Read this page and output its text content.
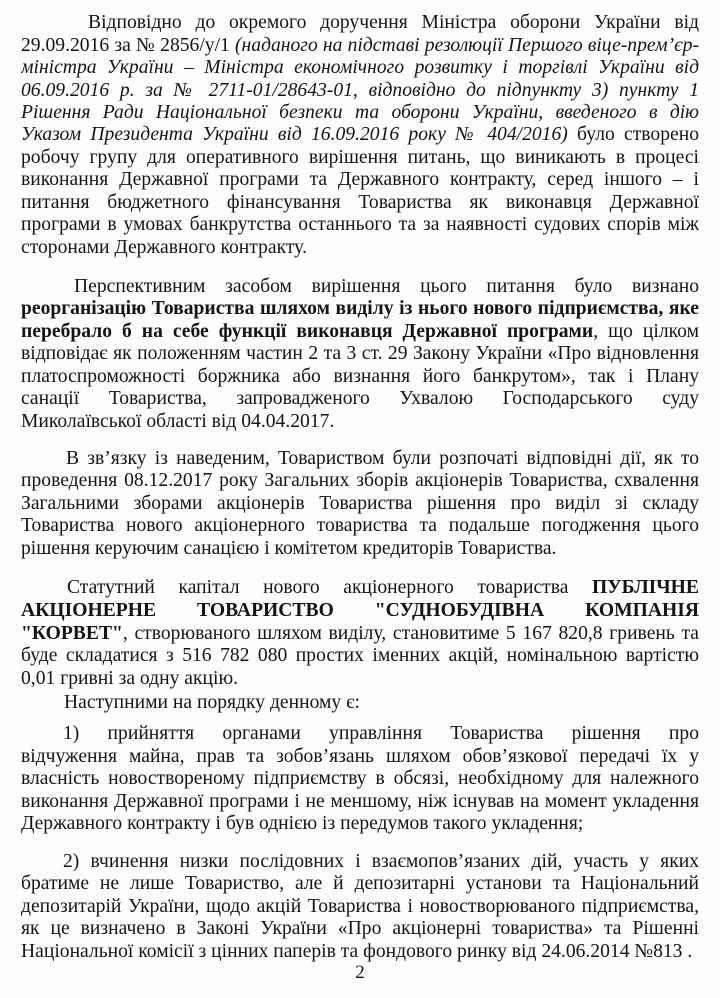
2
Відповідно до окремого доручення Міністра оборони України від
29.09.2016 за № 2856/у/1 (наданого на підставі резолюції Першого віце-прем’єр-
міністра України – Міністра економічного розвитку і торгівлі України від
06.09.2016 р. за № 2711-01/28643-01, відповідно до підпункту 3) пункту 1
Рішення Ради Національної безпеки та оборони України, введеного в дію
Указом Президента України від 16.09.2016 року № 404/2016) було створено
робочу групу для оперативного вирішення питань, що виникають в процесі
виконання Державної програми та Державного контракту, серед іншого – і
питання бюджетного фінансування Товариства як виконавця Державної
програми в умовах банкрутства останнього та за наявності судових спорів між
сторонами Державного контракту.
Перспективним засобом вирішення цього питання було визнано
реорганізацію Товариства шляхом виділу із нього нового підприємства, яке
перебрало б на себе функції виконавця Державної програми, що цілком
відповідає як положенням частин 2 та 3 ст. 29 Закону України «Про відновлення
платоспроможності боржника або визнання його банкрутом», так і Плану
санації Товариства, запровадженого Ухвалою Господарського суду
Миколаївської області від 04.04.2017.
В зв’язку із наведеним, Товариством були розпочаті відповідні дії, як то
проведення 08.12.2017 року Загальних зборів акціонерів Товариства, схвалення
Загальними зборами акціонерів Товариства рішення про виділ зі складу
Товариства нового акціонерного товариства та подальше погодження цього
рішення керуючим санацією і комітетом кредиторів Товариства.
Статутний капітал нового акціонерного товариства ПУБЛІЧНЕ
АКЦІОНЕРНЕ ТОВАРИСТВО "СУДНОБУДІВНА КОМПАНІЯ
"КОРВЕТ", створюваного шляхом виділу, становитиме 5 167 820,8 гривень та
буде складатися з 516 782 080 простих іменних акцій, номінальною вартістю
0,01 гривні за одну акцію.
Наступними на порядку денному є:
1) прийняття органами управління Товариства рішення про
відчуження майна, прав та зобов’язань шляхом обов’язкової передачі їх у
власність новоствореному підприємству в обсязі, необхідному для належного
виконання Державної програми і не меншому, ніж існував на момент укладення
Державного контракту і був однією із передумов такого укладення;
2) вчинення низки послідовних і взаємопов’язаних дій, участь у яких
братиме не лише Товариство, але й депозитарні установи та Національний
депозитарій України, щодо акцій Товариства і новостворюваного підприємства,
як це визначено в Законі України «Про акціонерні товариства» та Рішенні
Національної комісії з цінних паперів та фондового ринку від 24.06.2014 №813 .
